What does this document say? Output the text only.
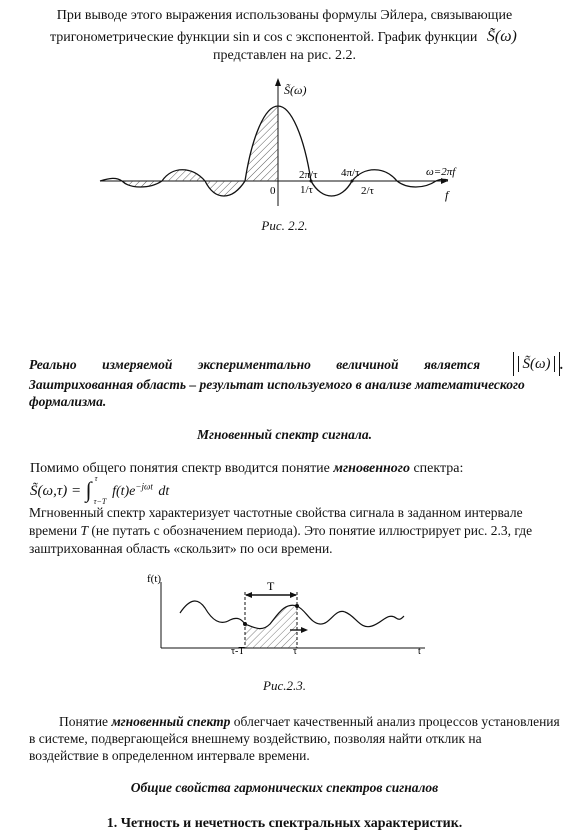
При выводе этого выражения использованы формулы Эйлера, связывающие
тригонометрические функции sin и cos с экспонентой. График функции S̃(ω)
представлен на рис. 2.2.
S̃(ω)
0
2π/τ
1/τ
4π/τ
2/τ
ω=2πf
f
Рис. 2.2.
Реально измеряемой экспериментально величиной является	S̃(ω) .
Заштрихованная область – результат используемого в анализе математического
формализма.
Мгновенный спектр сигнала.
Помимо общего понятия спектр вводится понятие мгновенного спектра:
S̃(ω,τ) = ∫ τ
τ−T
$f(t)e^{-j\omega t}$ dt
Мгновенный спектр характеризует частотные свойства сигнала в заданном интервале
времени T (не путать с обозначением периода). Это понятие иллюстрирует рис. 2.3, где
заштрихованная область «скользит» по оси времени.
f(t)	T
τ-T	τ	t
Рис.2.3.
Понятие мгновенный спектр облегчает качественный анализ процессов установления
в системе, подвергающейся внешнему воздействию, позволяя найти отклик на
воздействие в определенном интервале времени.
Общие свойства гармонических спектров сигналов
1. Четность и нечетность спектральных характеристик.
